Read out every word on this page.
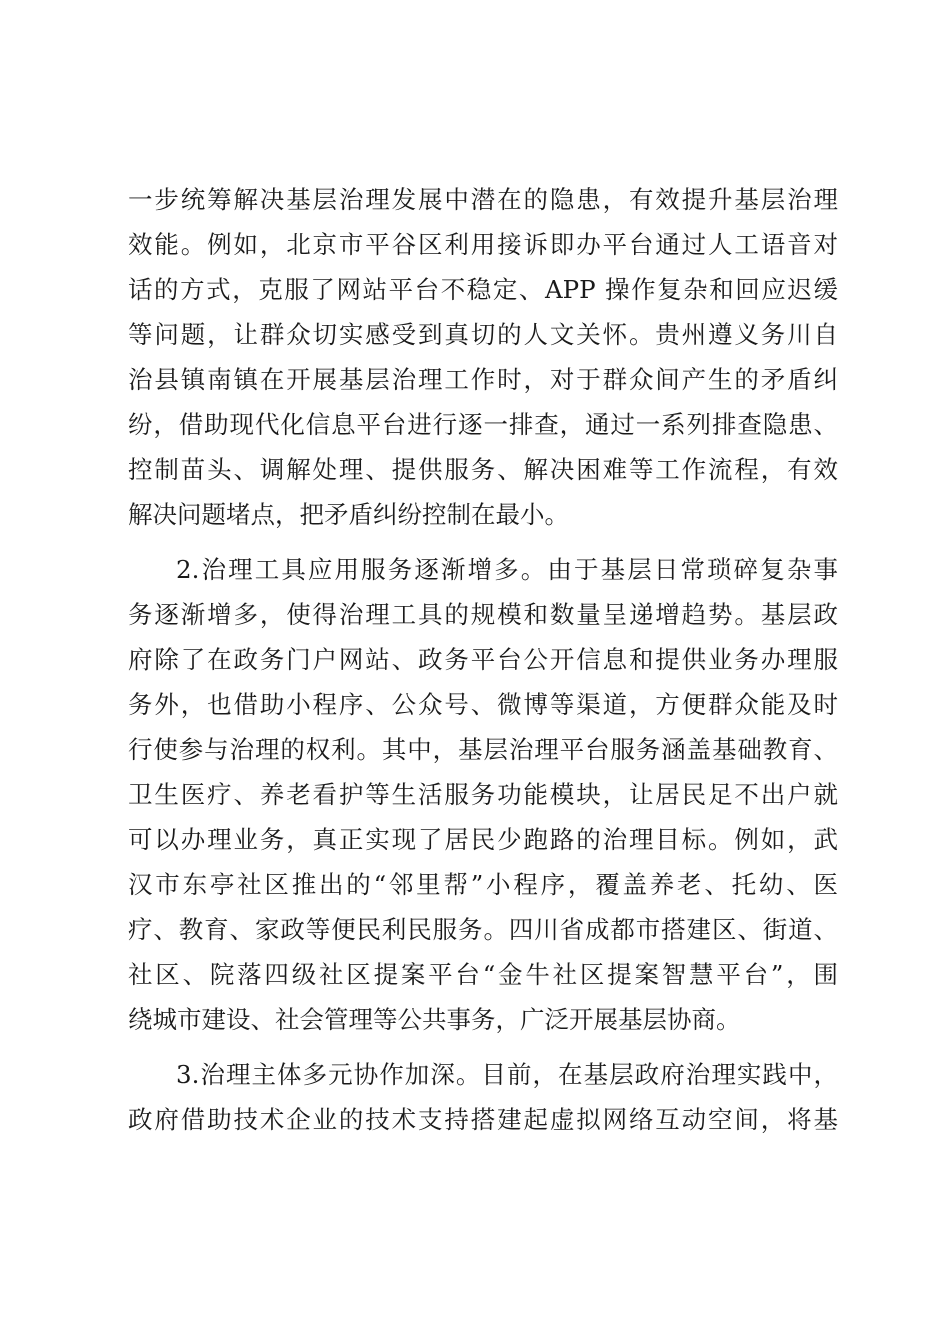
一步统筹解决基层治理发展中潜在的隐患，有效提升基层治理
效能。例如，北京市平谷区利用接诉即办平台通过人工语音对
话的方式，克服了网站平台不稳定、APP 操作复杂和回应迟缓
等问题，让群众切实感受到真切的人文关怀。贵州遵义务川自
治县镇南镇在开展基层治理工作时，对于群众间产生的矛盾纠
纷，借助现代化信息平台进行逐一排查，通过一系列排查隐患、
控制苗头、调解处理、提供服务、解决困难等工作流程，有效
解决问题堵点，把矛盾纠纷控制在最小。
2.治理工具应用服务逐渐增多。由于基层日常琐碎复杂事
务逐渐增多，使得治理工具的规模和数量呈递增趋势。基层政
府除了在政务门户网站、政务平台公开信息和提供业务办理服
务外，也借助小程序、公众号、微博等渠道，方便群众能及时
行使参与治理的权利。其中，基层治理平台服务涵盖基础教育、
卫生医疗、养老看护等生活服务功能模块，让居民足不出户就
可以办理业务，真正实现了居民少跑路的治理目标。例如，武
汉市东亭社区推出的“邻里帮”小程序，覆盖养老、托幼、医
疗、教育、家政等便民利民服务。四川省成都市搭建区、街道、
社区、院落四级社区提案平台“金牛社区提案智慧平台”，围
绕城市建设、社会管理等公共事务，广泛开展基层协商。
3.治理主体多元协作加深。目前，在基层政府治理实践中，
政府借助技术企业的技术支持搭建起虚拟网络互动空间，将基
